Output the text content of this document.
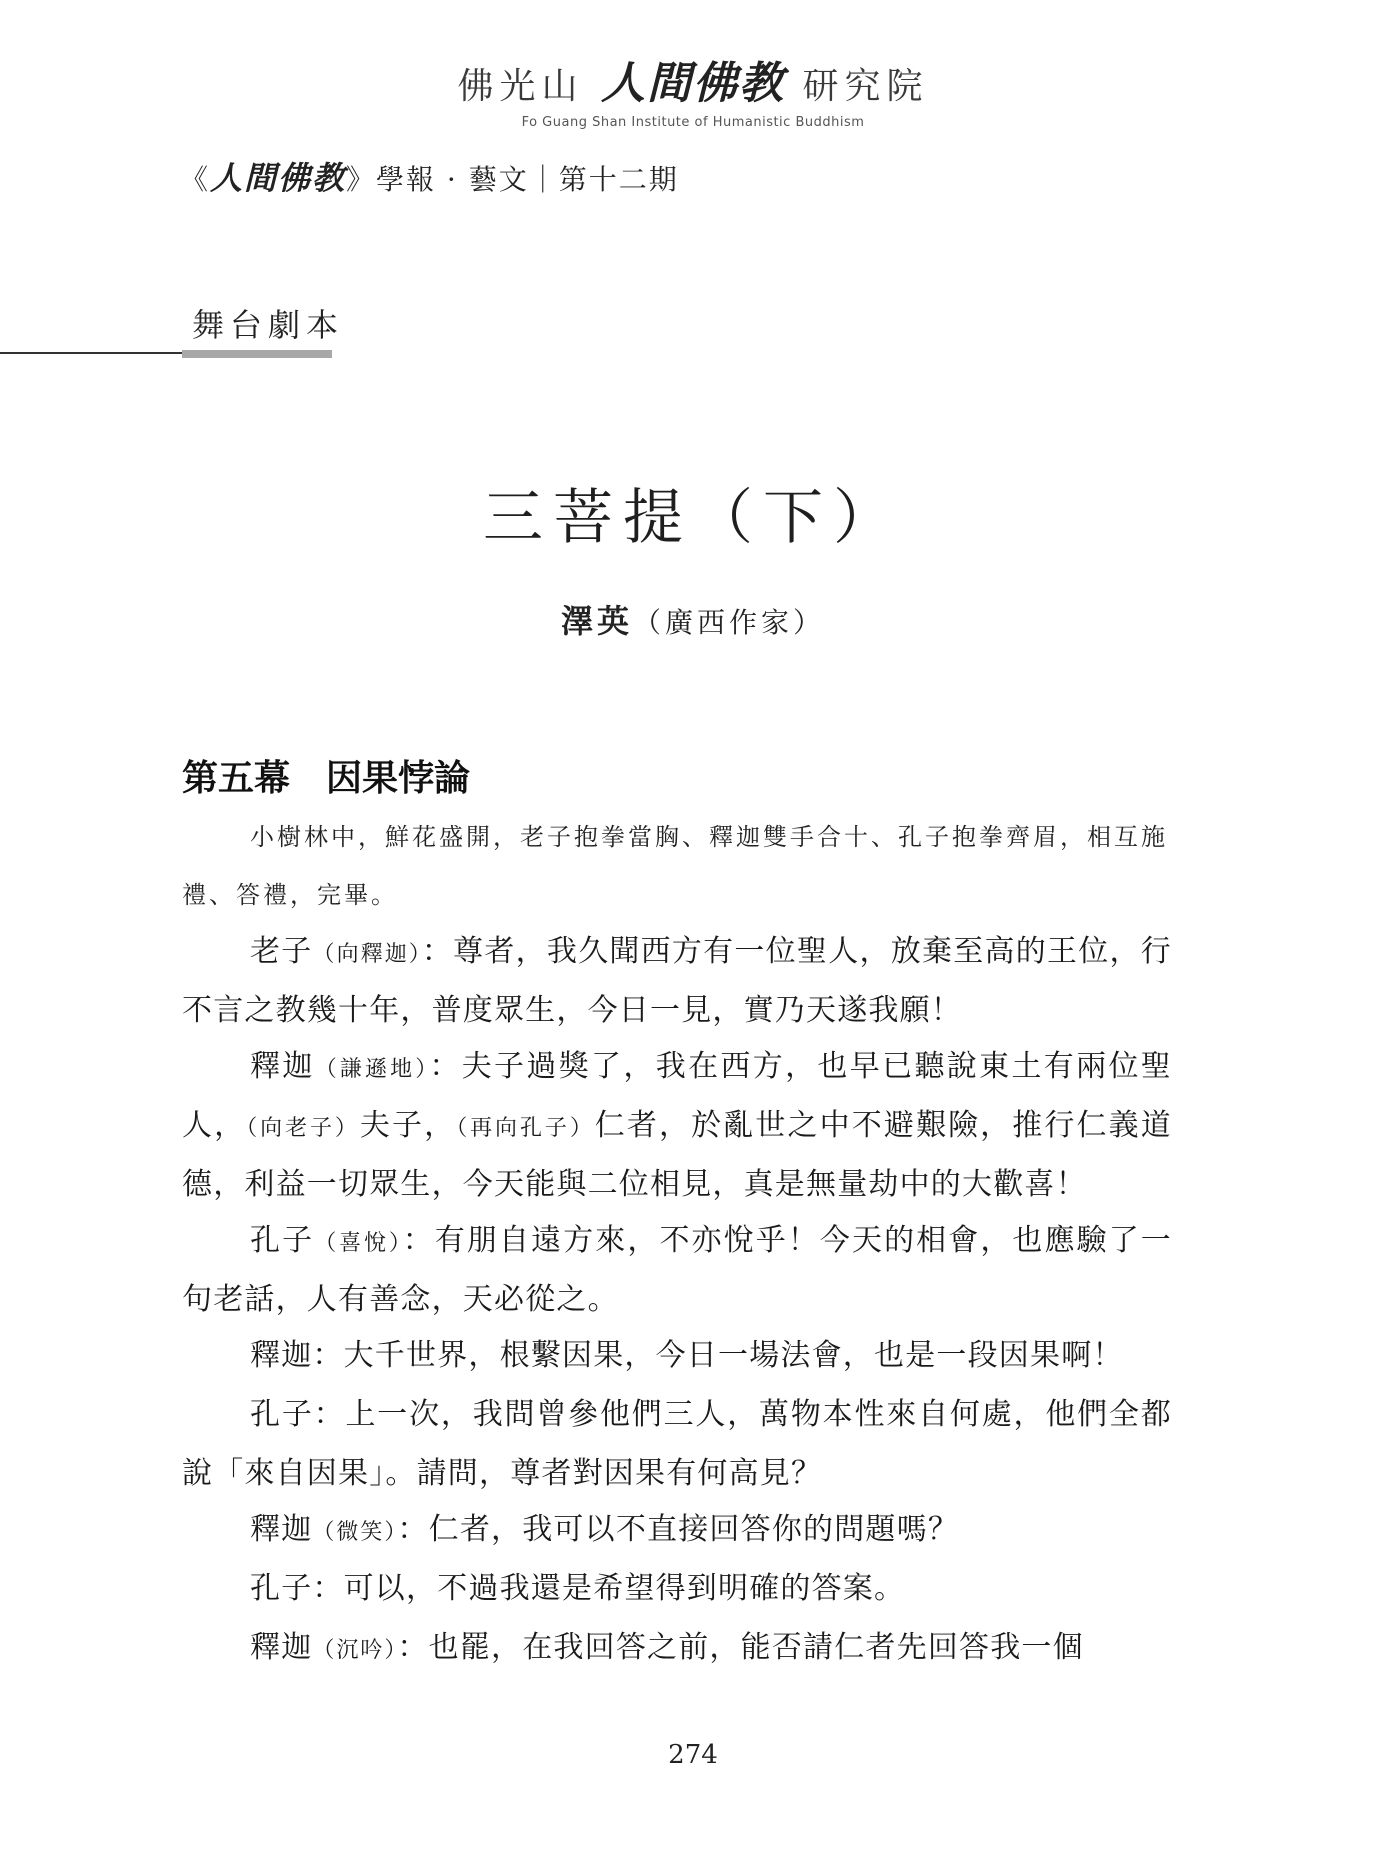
佛光山 人間佛教 研究院
Fo Guang Shan Institute of Humanistic Buddhism
《人間佛教》學報 · 藝文｜第十二期
舞台劇本
三菩提（下）
澤英（廣西作家）
第五幕 因果悖論

小樹林中，鮮花盛開，老子抱拳當胸、釋迦雙手合十、孔子抱拳齊眉，相互施禮、答禮，完畢。

老子（向釋迦）：尊者，我久聞西方有一位聖人，放棄至高的王位，行不言之教幾十年，普度眾生，今日一見，實乃天遂我願！

釋迦（謙遜地）：夫子過獎了，我在西方，也早已聽說東土有兩位聖人，（向老子）夫子，（再向孔子）仁者，於亂世之中不避艱險，推行仁義道德，利益一切眾生，今天能與二位相見，真是無量劫中的大歡喜！

孔子（喜悅）：有朋自遠方來，不亦悅乎！今天的相會，也應驗了一句老話，人有善念，天必從之。

釋迦：大千世界，根繫因果，今日一場法會，也是一段因果啊！

孔子：上一次，我問曾參他們三人，萬物本性來自何處，他們全都說「來自因果」。請問，尊者對因果有何高見？

釋迦（微笑）：仁者，我可以不直接回答你的問題嗎？

孔子：可以，不過我還是希望得到明確的答案。

釋迦（沉吟）：也罷，在我回答之前，能否請仁者先回答我一個

274
